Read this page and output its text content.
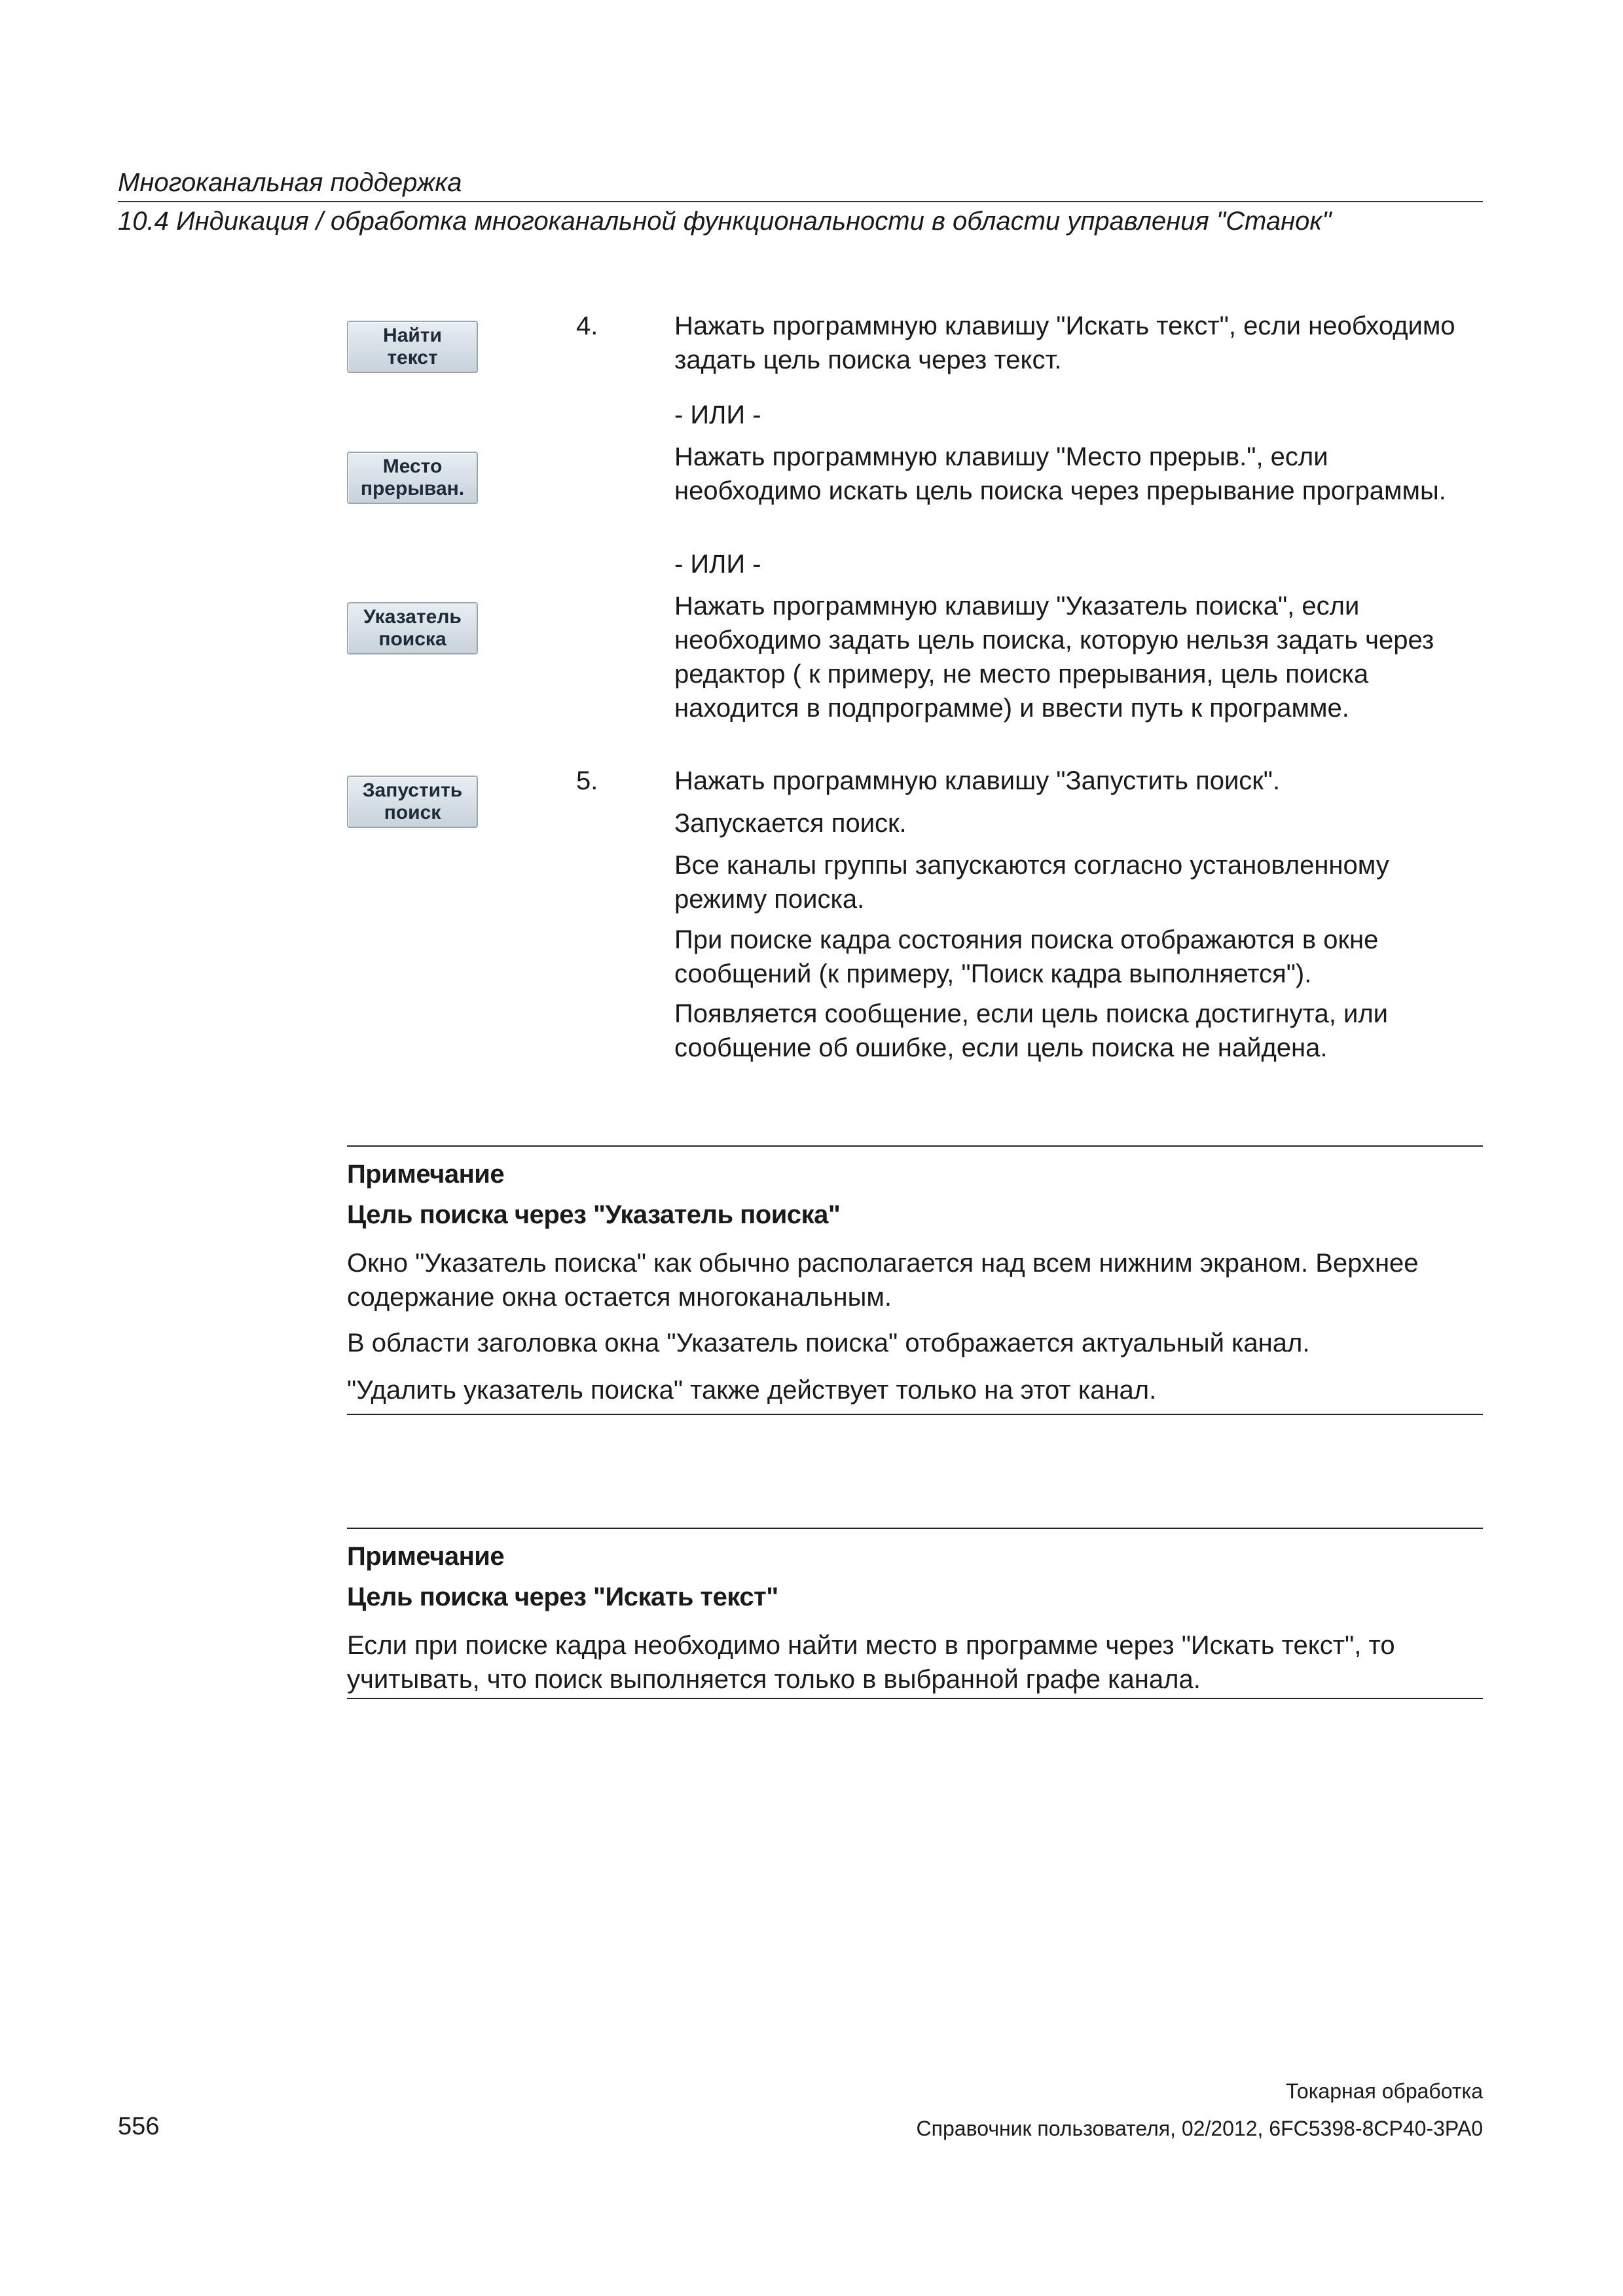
Многоканальная поддержка
10.4 Индикация / обработка многоканальной функциональности в области управления "Станок"
Найти
текст
Место
прерыван.
Указатель
поиска
Запустить
поиск
4.	Нажать программную клавишу "Искать текст", если необходимо задать цель поиска через текст.
- ИЛИ -
Нажать программную клавишу "Место прерыв.", если необходимо искать цель поиска через прерывание программы.
- ИЛИ -
Нажать программную клавишу "Указатель поиска", если необходимо задать цель поиска, которую нельзя задать через редактор ( к примеру, не место прерывания, цель поиска находится в подпрограмме) и ввести путь к программе.
5.	Нажать программную клавишу "Запустить поиск".
Запускается поиск.
Все каналы группы запускаются согласно установленному режиму поиска.
При поиске кадра состояния поиска отображаются в окне сообщений (к примеру, "Поиск кадра выполняется").
Появляется сообщение, если цель поиска достигнута, или сообщение об ошибке, если цель поиска не найдена.
Примечание
Цель поиска через "Указатель поиска"
Окно "Указатель поиска" как обычно располагается над всем нижним экраном. Верхнее содержание окна остается многоканальным.
В области заголовка окна "Указатель поиска" отображается актуальный канал.
"Удалить указатель поиска" также действует только на этот канал.
Примечание
Цель поиска через "Искать текст"
Если при поиске кадра необходимо найти место в программе через "Искать текст", то учитывать, что поиск выполняется только в выбранной графе канала.
Токарная обработка
556	Справочник пользователя, 02/2012, 6FC5398-8CP40-3PA0
